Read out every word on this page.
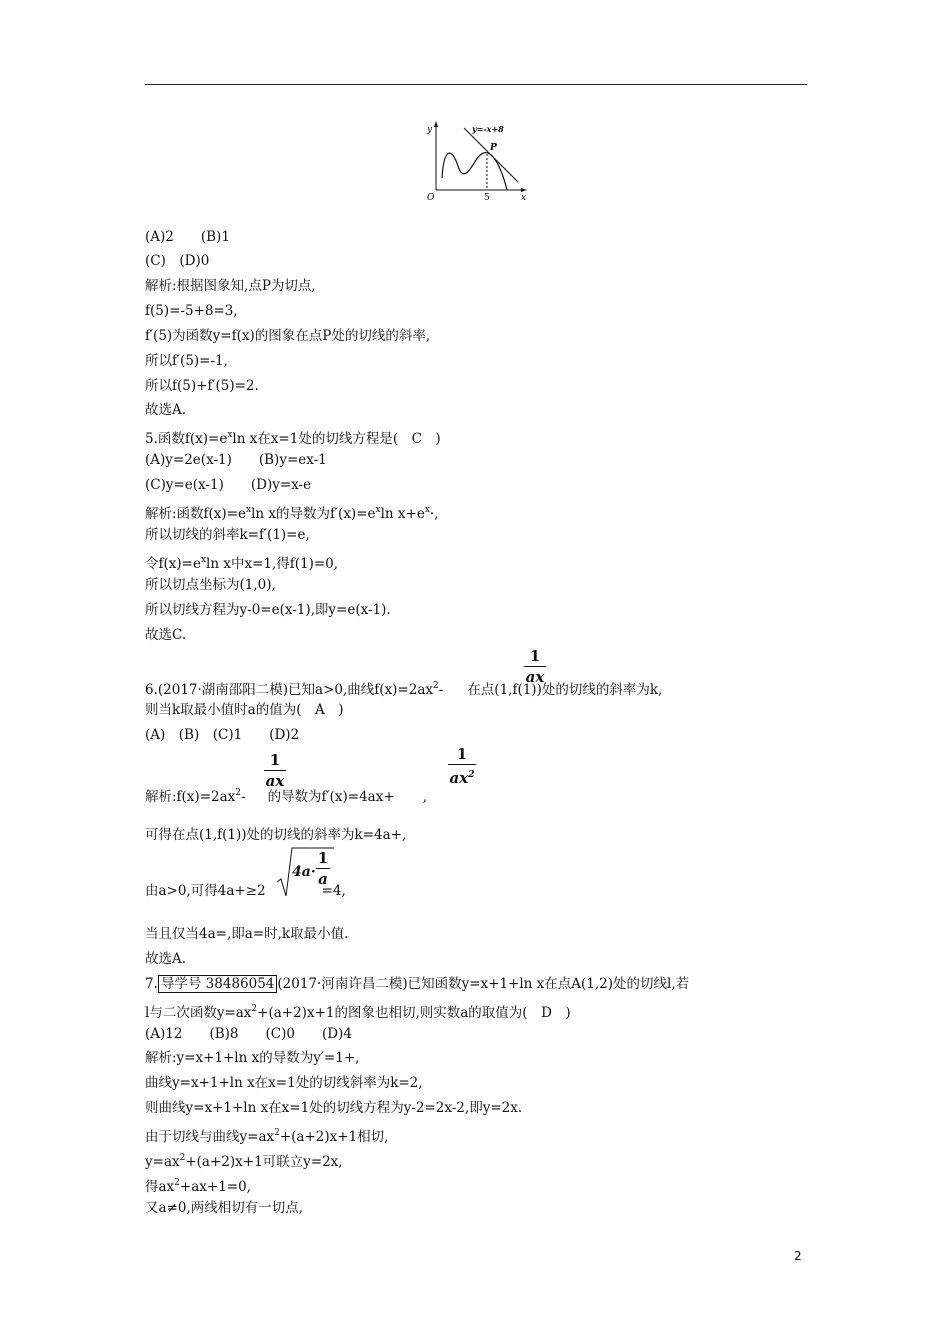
y
x
O
y=-x+8
P
5
(A)2　　(B)1
(C)　(D)0
解析:根据图象知,点P为切点,
f(5)=-5+8=3,
f′(5)为函数y=f(x)的图象在点P处的切线的斜率,
所以f′(5)=-1,
所以f(5)+f′(5)=2.
故选A.
5.函数$f(x)=e^x\ln$ x在x=1处的切线方程是(　C　)
(A)y=2e(x-1)　　(B)y=ex-1
(C)y=e(x-1)　　(D)y=x-e
解析:函数$f(x)=e^x\ln$ x的导数为$f'(x)=e^x\ln$ $x+e^x\cdot$,
所以切线的斜率k=f′(1)=e,
令$f(x)=e^x\ln$ x中x=1,得f(1)=0,
所以切点坐标为(1,0),
所以切线方程为y-0=e(x-1),即y=e(x-1).
故选C.
1
ax
6.(2017·湖南邵阳二模)已知a>0,曲线$f(x)=2ax^2-$ 在点(1,f(1))处的切线的斜率为k,
则当k取最小值时a的值为(　A　)
(A)　(B)　(C)1　　(D)2
1
ax
1
$ax^2$
解析$:f(x)=2ax^2-$ 的导数为f′(x)=4ax+ ,
可得在点(1,f(1))处的切线的斜率为k=4a+,
4a·
1
a
由a>0,可得4a+≥2	=4,
当且仅当4a=,即a=时,k取最小值.
故选A.
7. 导学号 38486054 (2017·河南许昌二模)已知函数y=x+1+ln x在点A(1,2)处的切线l,若
l与二次函数$y=ax^2+(a+2)x+1$的图象也相切,则实数a的取值为(　D　)
(A)12　　(B)8　　(C)0　　(D)4
解析:y=x+1+ln x的导数为y′=1+,
曲线y=x+1+ln x在x=1处的切线斜率为k=2,
则曲线y=x+1+ln x在x=1处的切线方程为y-2=2x-2,即y=2x.
由于切线与曲线$y=ax^2+(a+2)x+1$相切,
$y=ax^2+(a+2)x+1$可联立y=2x,
得$ax^2+ax+1=0$,
又a≠0,两线相切有一切点,
2
